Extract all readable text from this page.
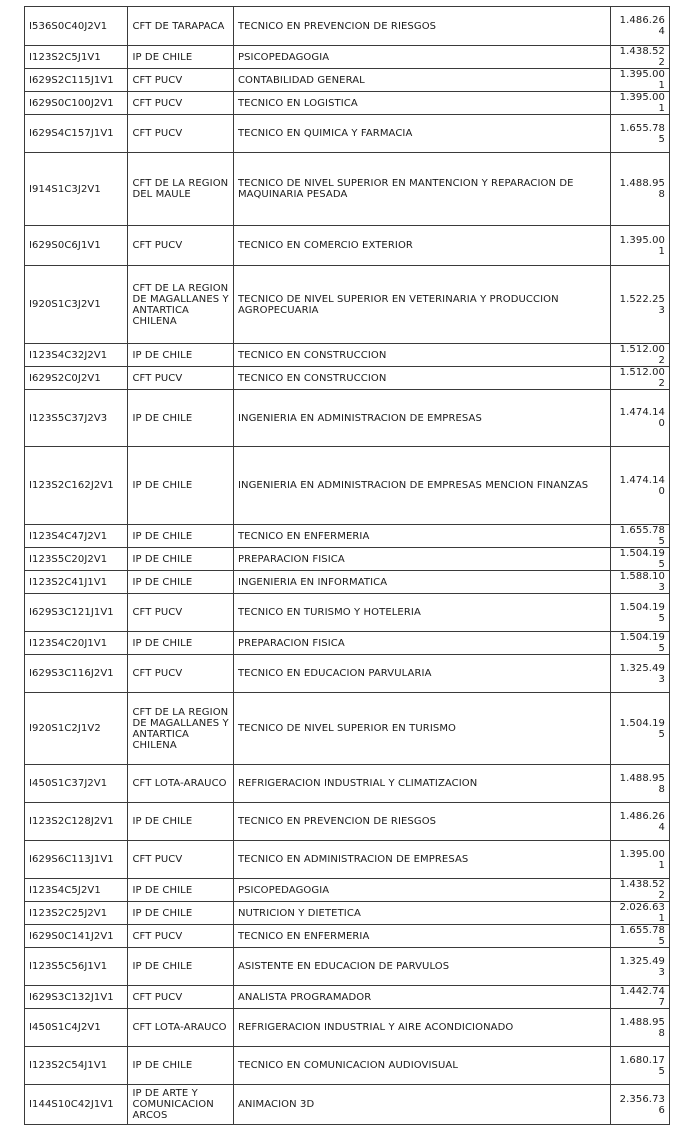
I536S0C40J2V1	CFT DE TARAPACA	TECNICO EN PREVENCION DE RIESGOS	1.486.264
I123S2C5J1V1	IP DE CHILE	PSICOPEDAGOGIA	1.438.522
I629S2C115J1V1	CFT PUCV	CONTABILIDAD GENERAL	1.395.001
I629S0C100J2V1	CFT PUCV	TECNICO EN LOGISTICA	1.395.001
I629S4C157J1V1	CFT PUCV	TECNICO EN QUIMICA Y FARMACIA	1.655.785
I914S1C3J2V1	CFT DE LA REGION DEL MAULE	TECNICO DE NIVEL SUPERIOR EN MANTENCION Y REPARACION DE MAQUINARIA PESADA	1.488.958
I629S0C6J1V1	CFT PUCV	TECNICO EN COMERCIO EXTERIOR	1.395.001
I920S1C3J2V1	CFT DE LA REGION DE MAGALLANES Y ANTARTICA CHILENA	TECNICO DE NIVEL SUPERIOR EN VETERINARIA Y PRODUCCION AGROPECUARIA	1.522.253
I123S4C32J2V1	IP DE CHILE	TECNICO EN CONSTRUCCION	1.512.002
I629S2C0J2V1	CFT PUCV	TECNICO EN CONSTRUCCION	1.512.002
I123S5C37J2V3	IP DE CHILE	INGENIERIA EN ADMINISTRACION DE EMPRESAS	1.474.140
I123S2C162J2V1	IP DE CHILE	INGENIERIA EN ADMINISTRACION DE EMPRESAS MENCION FINANZAS	1.474.140
I123S4C47J2V1	IP DE CHILE	TECNICO EN ENFERMERIA	1.655.785
I123S5C20J2V1	IP DE CHILE	PREPARACION FISICA	1.504.195
I123S2C41J1V1	IP DE CHILE	INGENIERIA EN INFORMATICA	1.588.103
I629S3C121J1V1	CFT PUCV	TECNICO EN TURISMO Y HOTELERIA	1.504.195
I123S4C20J1V1	IP DE CHILE	PREPARACION FISICA	1.504.195
I629S3C116J2V1	CFT PUCV	TECNICO EN EDUCACION PARVULARIA	1.325.493
I920S1C2J1V2	CFT DE LA REGION DE MAGALLANES Y ANTARTICA CHILENA	TECNICO DE NIVEL SUPERIOR EN TURISMO	1.504.195
I450S1C37J2V1	CFT LOTA-ARAUCO	REFRIGERACION INDUSTRIAL Y CLIMATIZACION	1.488.958
I123S2C128J2V1	IP DE CHILE	TECNICO EN PREVENCION DE RIESGOS	1.486.264
I629S6C113J1V1	CFT PUCV	TECNICO EN ADMINISTRACION DE EMPRESAS	1.395.001
I123S4C5J2V1	IP DE CHILE	PSICOPEDAGOGIA	1.438.522
I123S2C25J2V1	IP DE CHILE	NUTRICION Y DIETETICA	2.026.631
I629S0C141J2V1	CFT PUCV	TECNICO EN ENFERMERIA	1.655.785
I123S5C56J1V1	IP DE CHILE	ASISTENTE EN EDUCACION DE PARVULOS	1.325.493
I629S3C132J1V1	CFT PUCV	ANALISTA PROGRAMADOR	1.442.747
I450S1C4J2V1	CFT LOTA-ARAUCO	REFRIGERACION INDUSTRIAL Y AIRE ACONDICIONADO	1.488.958
I123S2C54J1V1	IP DE CHILE	TECNICO EN COMUNICACION AUDIOVISUAL	1.680.175
I144S10C42J1V1	IP DE ARTE Y COMUNICACION ARCOS	ANIMACION 3D	2.356.736
